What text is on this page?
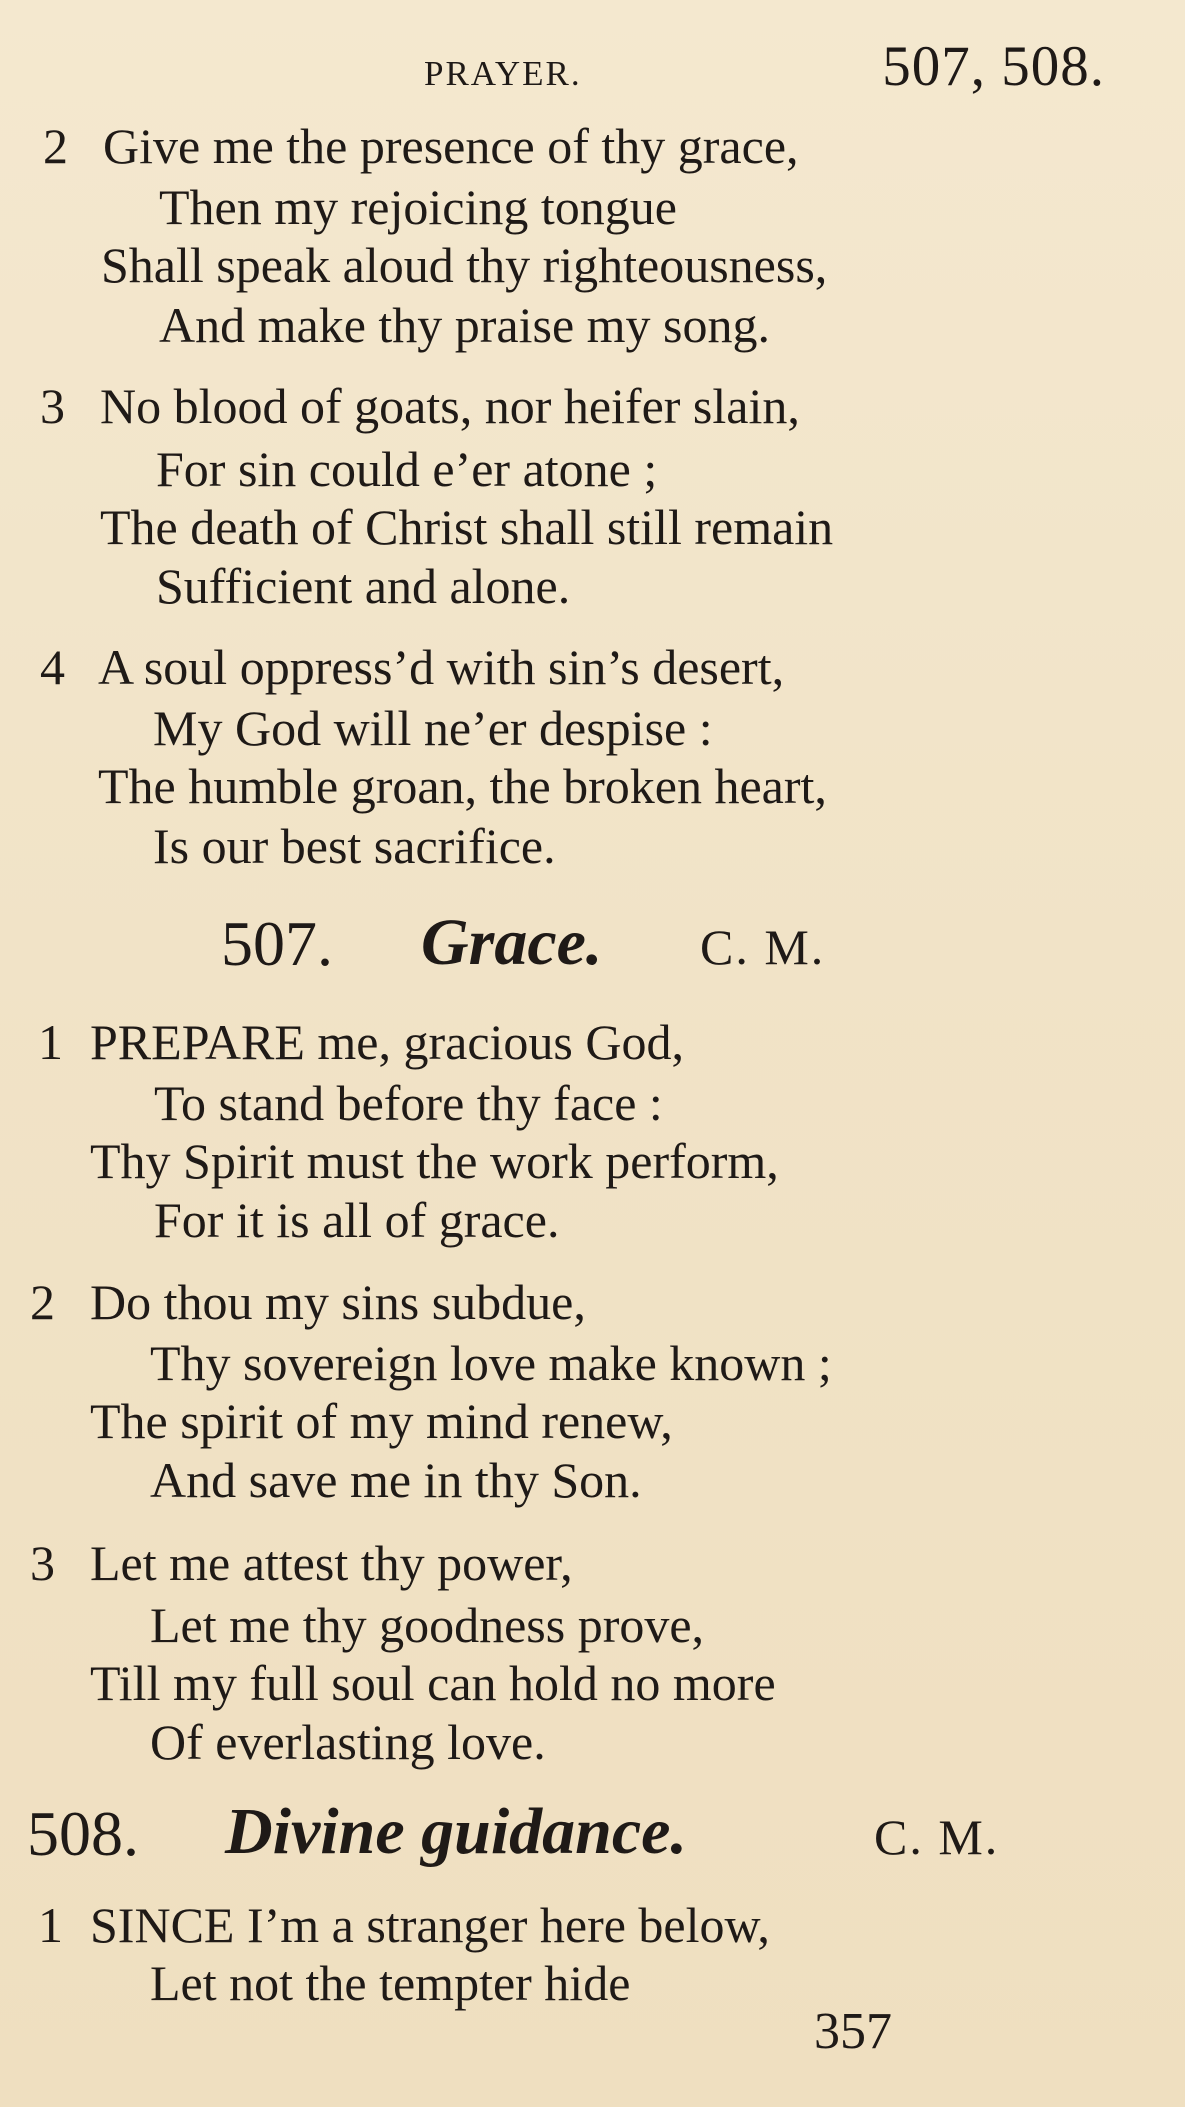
PRAYER.	507, 508.
2 Give me the presence of thy grace,
Then my rejoicing tongue
Shall speak aloud thy righteousness,
And make thy praise my song.
3 No blood of goats, nor heifer slain,
For sin could e’er atone ;
The death of Christ shall still remain
Sufficient and alone.
4 A soul oppress’d with sin’s desert,
My God will ne’er despise :
The humble groan, the broken heart,
Is our best sacrifice.
507. Grace. C. M.
1 PREPARE me, gracious God,
To stand before thy face :
Thy Spirit must the work perform,
For it is all of grace.
2 Do thou my sins subdue,
Thy sovereign love make known ;
The spirit of my mind renew,
And save me in thy Son.
3 Let me attest thy power,
Let me thy goodness prove,
Till my full soul can hold no more
Of everlasting love.
508. Divine guidance.	C. M.
1 SINCE I’m a stranger here below,
Let not the tempter hide
357
